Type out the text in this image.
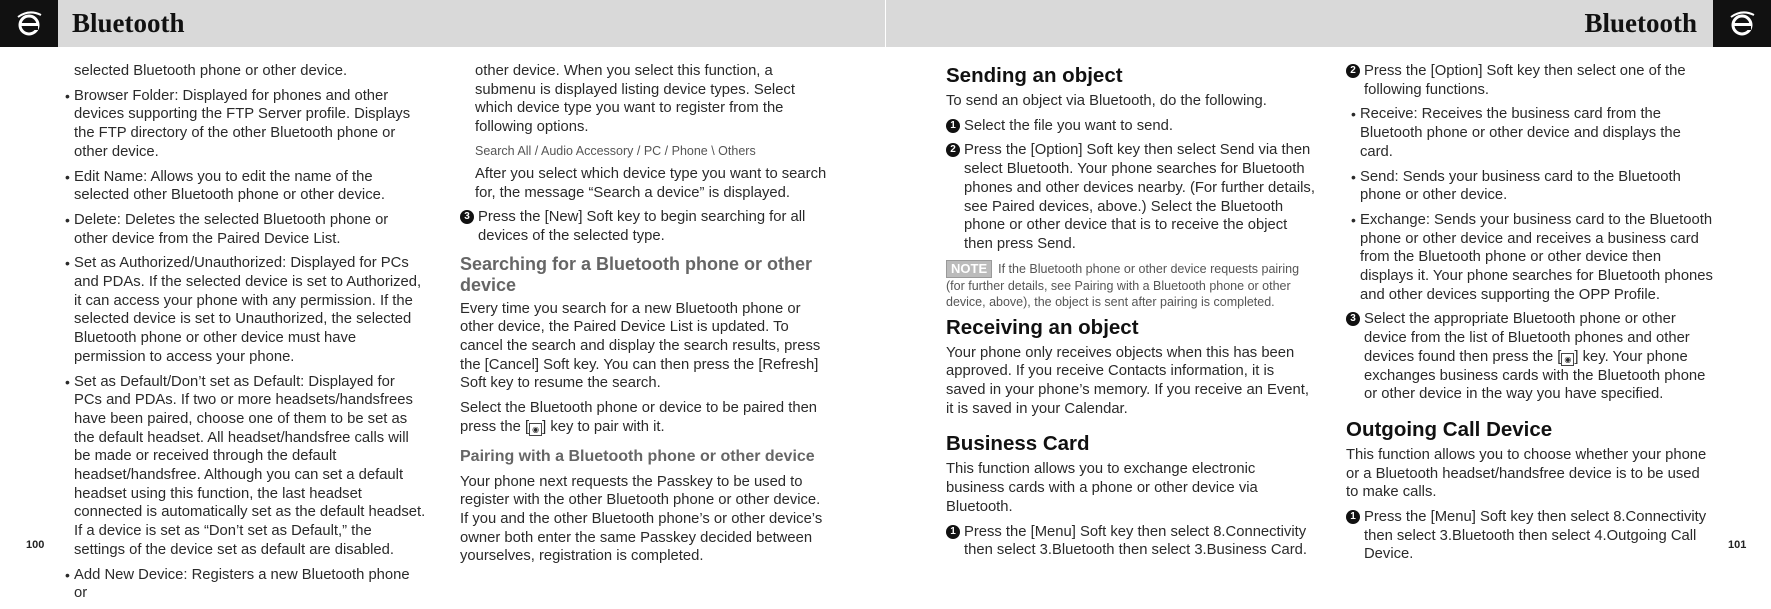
Bluetooth	Bluetooth

selected Bluetooth phone or other device.

• Browser Folder: Displayed for phones and other devices supporting the FTP Server profile. Displays the FTP directory of the other Bluetooth phone or other device.
• Edit Name: Allows you to edit the name of the selected other Bluetooth phone or other device.
• Delete: Deletes the selected Bluetooth phone or other device from the Paired Device List.
• Set as Authorized/Unauthorized: Displayed for PCs and PDAs. If the selected device is set to Authorized, it can access your phone with any permission. If the selected device is set to Unauthorized, the selected Bluetooth phone or other device must have permission to access your phone.
• Set as Default/Don’t set as Default: Displayed for PCs and PDAs. If two or more headsets/handsfrees have been paired, choose one of them to be set as the default headset. All headset/handsfree calls will be made or received through the default headset/handsfree. Although you can set a default headset using this function, the last headset connected is automatically set as the default headset. If a device is set as “Don’t set as Default,” the settings of the device set as default are disabled.
• Add New Device: Registers a new Bluetooth phone or

other device. When you select this function, a submenu is displayed listing device types. Select which device type you want to register from the following options.

Search All / Audio Accessory / PC / Phone \ Others

After you select which device type you want to search for, the message “Search a device” is displayed.

3 Press the [New] Soft key to begin searching for all devices of the selected type.
Searching for a Bluetooth phone or other device

Every time you search for a new Bluetooth phone or other device, the Paired Device List is updated. To cancel the search and display the search results, press the [Cancel] Soft key. You can then press the [Refresh] Soft key to resume the search.

Select the Bluetooth phone or device to be paired then press the [ ◉ ] key to pair with it.

Pairing with a Bluetooth phone or other device

Your phone next requests the Passkey to be used to register with the other Bluetooth phone or other device. If you and the other Bluetooth phone’s or other device’s owner both enter the same Passkey decided between yourselves, registration is completed.

Sending an object

To send an object via Bluetooth, do the following.

1 Select the file you want to send.
2 Press the [Option] Soft key then select Send via then select Bluetooth. Your phone searches for Bluetooth phones and other devices nearby. (For further details, see Paired devices, above.) Select the Bluetooth phone or other device that is to receive the object then press Send.

NOTE If the Bluetooth phone or other device requests pairing (for further details, see Pairing with a Bluetooth phone or other device, above), the object is sent after pairing is completed.

Receiving an object

Your phone only receives objects when this has been approved. If you receive Contacts information, it is saved in your phone’s memory. If you receive an Event, it is saved in your Calendar.

Business Card

This function allows you to exchange electronic business cards with a phone or other device via Bluetooth.

1 Press the [Menu] Soft key then select 8.Connectivity then select 3.Bluetooth then select 3.Business Card.
2 Press the [Option] Soft key then select one of the following functions.
• Receive: Receives the business card from the Bluetooth phone or other device and displays the card.
• Send: Sends your business card to the Bluetooth phone or other device.
• Exchange: Sends your business card to the Bluetooth phone or other device and receives a business card from the Bluetooth phone or other device then displays it. Your phone searches for Bluetooth phones and other devices supporting the OPP Profile.
3 Select the appropriate Bluetooth phone or other device from the list of Bluetooth phones and other devices found then press the [ ◉ ] key. Your phone exchanges business cards with the Bluetooth phone or other device in the way you have specified.
Outgoing Call Device

This function allows you to choose whether your phone or a Bluetooth headset/handsfree device is to be used to make calls.

1 Press the [Menu] Soft key then select 8.Connectivity then select 3.Bluetooth then select 4.Outgoing Call Device.
100	101
